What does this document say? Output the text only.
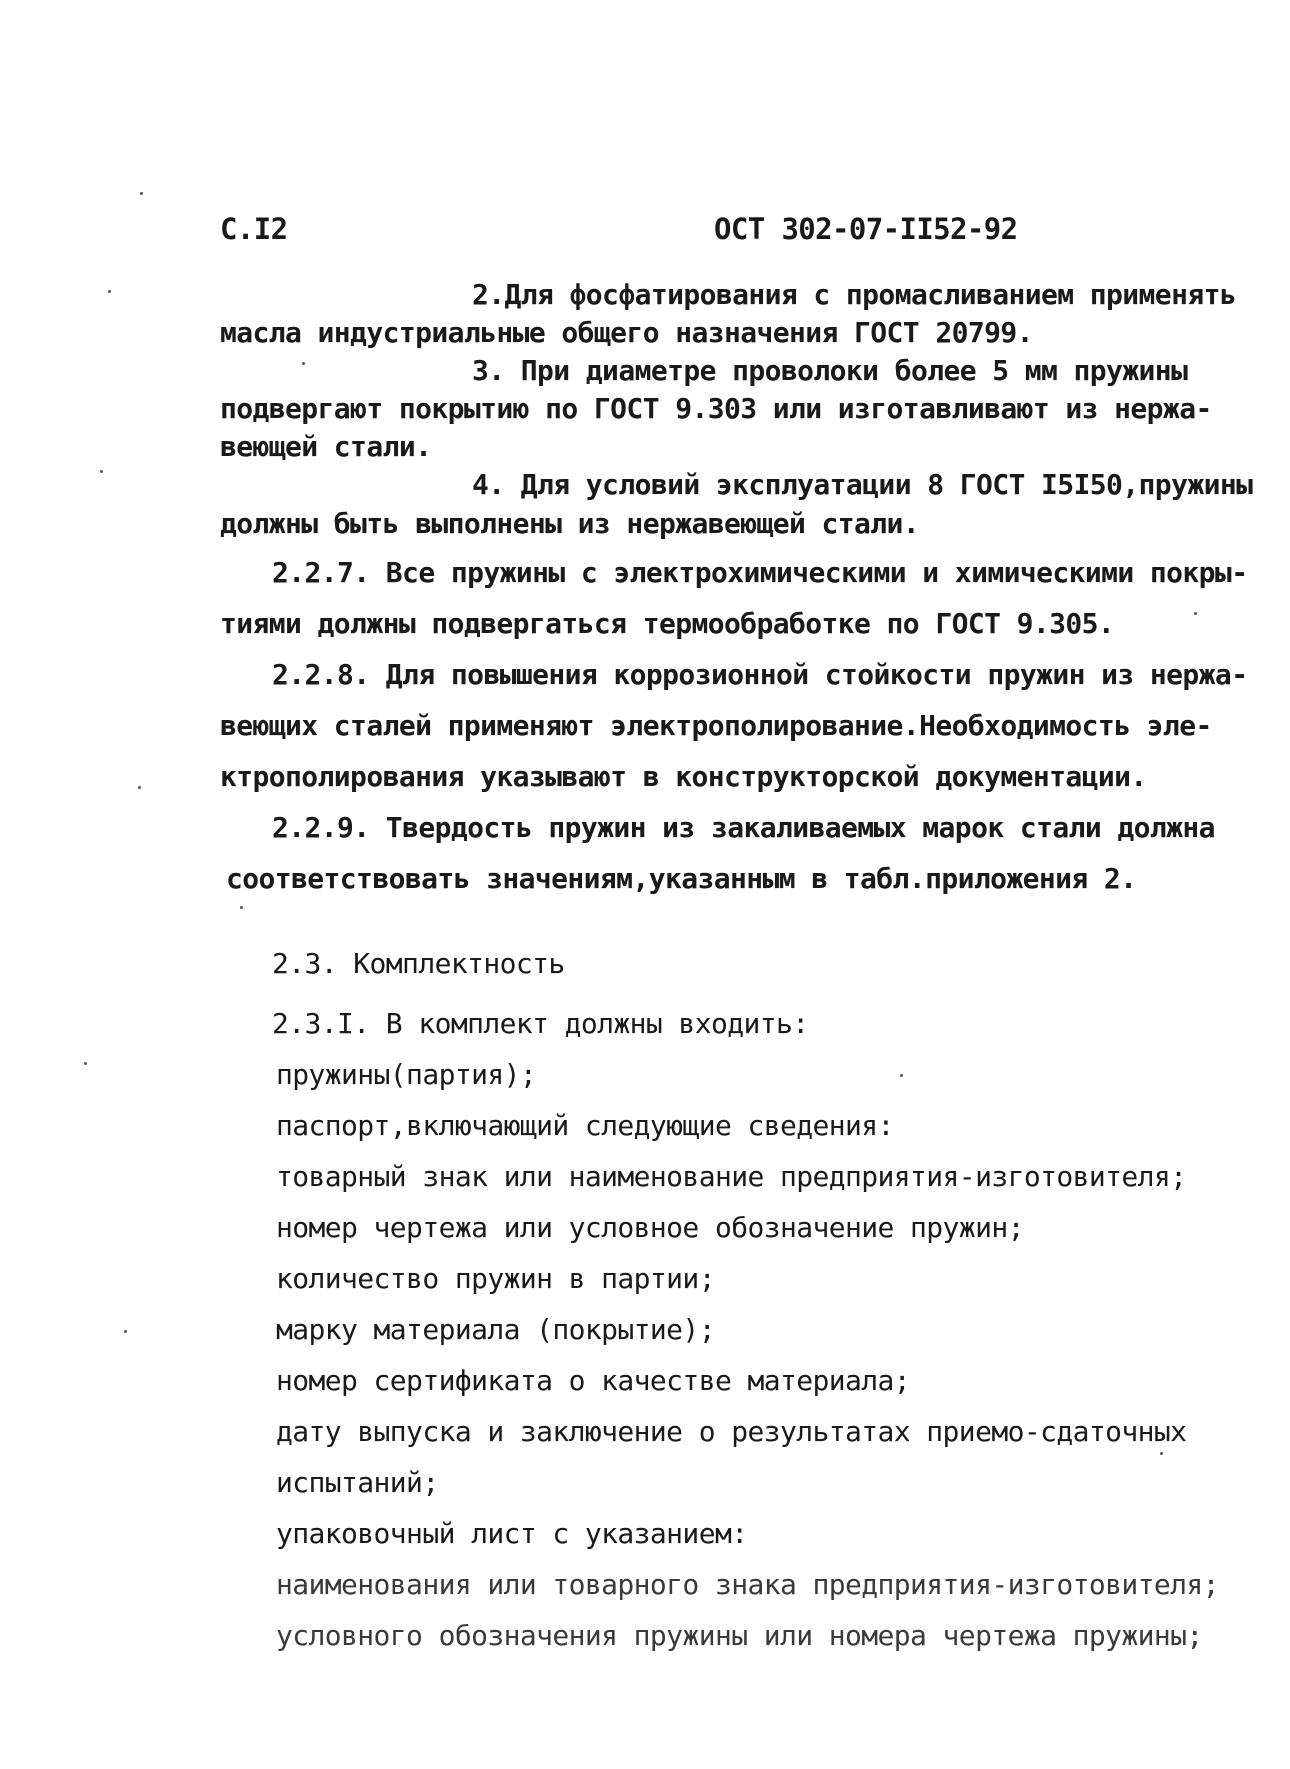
C.I2	ОСТ 302-07-II52-92
2.Для фосфатирования с промасливанием применять
масла индустриальные общего назначения ГОСТ 20799.
3. При диаметре проволоки более 5 мм пружины
подвергают покрытию по ГОСТ 9.303 или изготавливают из нержа-
веющей стали.
4. Для условий эксплуатации 8 ГОСТ I5I50,пружины
должны быть выполнены из нержавеющей стали.
2.2.7. Все пружины с электрохимическими и химическими покры-
тиями должны подвергаться термообработке по ГОСТ 9.305.
2.2.8. Для повышения коррозионной стойкости пружин из нержа-
веющих сталей применяют электрополирование.Необходимость эле-
ктрополирования указывают в конструкторской документации.
2.2.9. Твердость пружин из закаливаемых марок стали должна
соответствовать значениям,указанным в табл.приложения 2.
2.3. Комплектность
2.3.I. В комплект должны входить:
пружины(партия);
паспорт,включающий следующие сведения:
товарный знак или наименование предприятия-изготовителя;
номер чертежа или условное обозначение пружин;
количество пружин в партии;
марку материала (покрытие);
номер сертификата о качестве материала;
дату выпуска и заключение о результатах приемо-сдаточных
испытаний;
упаковочный лист с указанием:
наименования или товарного знака предприятия-изготовителя;
условного обозначения пружины или номера чертежа пружины;
